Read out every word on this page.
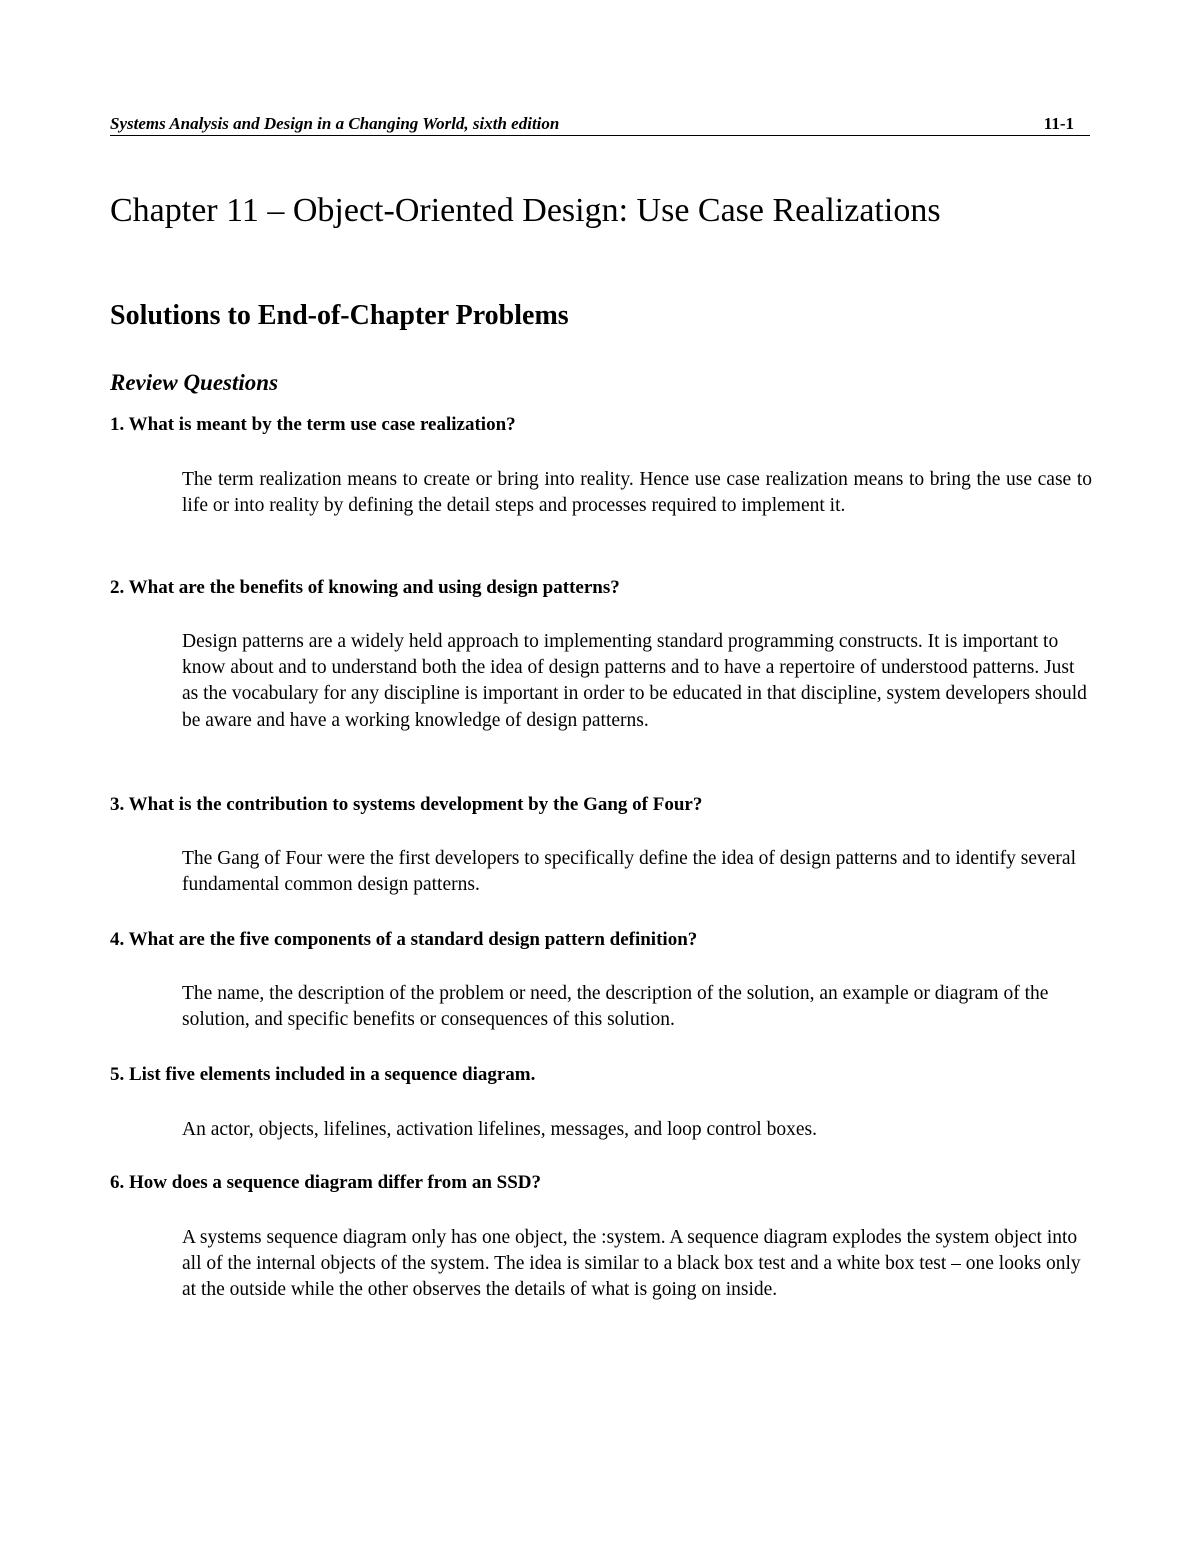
Systems Analysis and Design in a Changing World, sixth edition	11-1
Chapter 11 – Object-Oriented Design: Use Case Realizations
Solutions to End-of-Chapter Problems
Review Questions

1. What is meant by the term use case realization?

The term realization means to create or bring into reality. Hence use case realization means to bring the use case to life or into reality by defining the detail steps and processes required to implement it.

2. What are the benefits of knowing and using design patterns?

Design patterns are a widely held approach to implementing standard programming constructs. It is important to know about and to understand both the idea of design patterns and to have a repertoire of understood patterns. Just as the vocabulary for any discipline is important in order to be educated in that discipline, system developers should be aware and have a working knowledge of design patterns.

3. What is the contribution to systems development by the Gang of Four?

The Gang of Four were the first developers to specifically define the idea of design patterns and to identify several fundamental common design patterns.

4. What are the five components of a standard design pattern definition?

The name, the description of the problem or need, the description of the solution, an example or diagram of the solution, and specific benefits or consequences of this solution.

5. List five elements included in a sequence diagram.

An actor, objects, lifelines, activation lifelines, messages, and loop control boxes.

6. How does a sequence diagram differ from an SSD?

A systems sequence diagram only has one object, the :system. A sequence diagram explodes the system object into all of the internal objects of the system. The idea is similar to a black box test and a white box test – one looks only at the outside while the other observes the details of what is going on inside.
